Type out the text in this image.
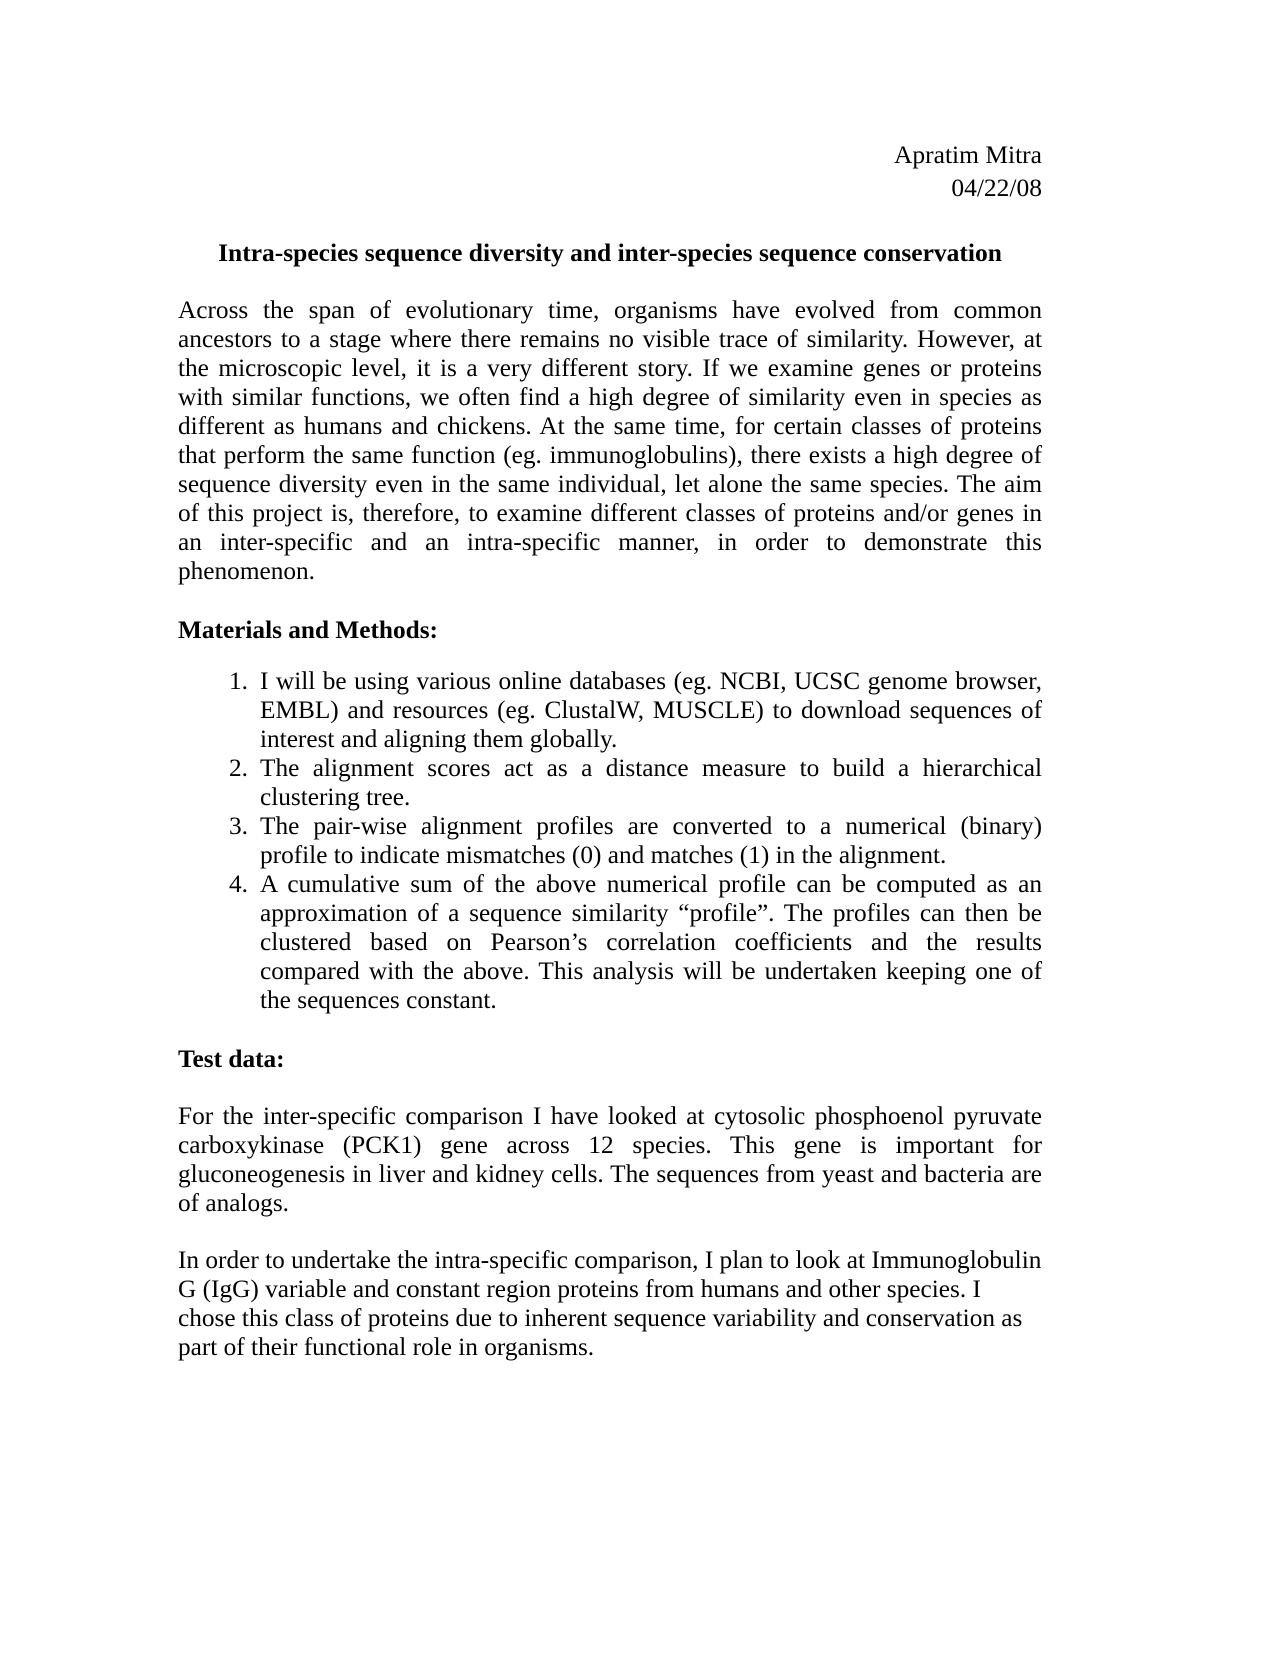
Apratim Mitra
04/22/08
Intra-species sequence diversity and inter-species sequence conservation

Across the span of evolutionary time, organisms have evolved from common ancestors to a stage where there remains no visible trace of similarity. However, at the microscopic level, it is a very different story. If we examine genes or proteins with similar functions, we often find a high degree of similarity even in species as different as humans and chickens. At the same time, for certain classes of proteins that perform the same function (eg. immunoglobulins), there exists a high degree of sequence diversity even in the same individual, let alone the same species. The aim of this project is, therefore, to examine different classes of proteins and/or genes in an inter-specific and an intra-specific manner, in order to demonstrate this phenomenon.

Materials and Methods:
I will be using various online databases (eg. NCBI, UCSC genome browser, EMBL) and resources (eg. ClustalW, MUSCLE) to download sequences of interest and aligning them globally.
The alignment scores act as a distance measure to build a hierarchical clustering tree.
The pair-wise alignment profiles are converted to a numerical (binary) profile to indicate mismatches (0) and matches (1) in the alignment.
A cumulative sum of the above numerical profile can be computed as an approximation of a sequence similarity “profile”. The profiles can then be clustered based on Pearson’s correlation coefficients and the results compared with the above. This analysis will be undertaken keeping one of the sequences constant.
Test data:

For the inter-specific comparison I have looked at cytosolic phosphoenol pyruvate carboxykinase (PCK1) gene across 12 species. This gene is important for gluconeogenesis in liver and kidney cells. The sequences from yeast and bacteria are of analogs.

In order to undertake the intra-specific comparison, I plan to look at Immunoglobulin G (IgG) variable and constant region proteins from humans and other species. I chose this class of proteins due to inherent sequence variability and conservation as part of their functional role in organisms.
